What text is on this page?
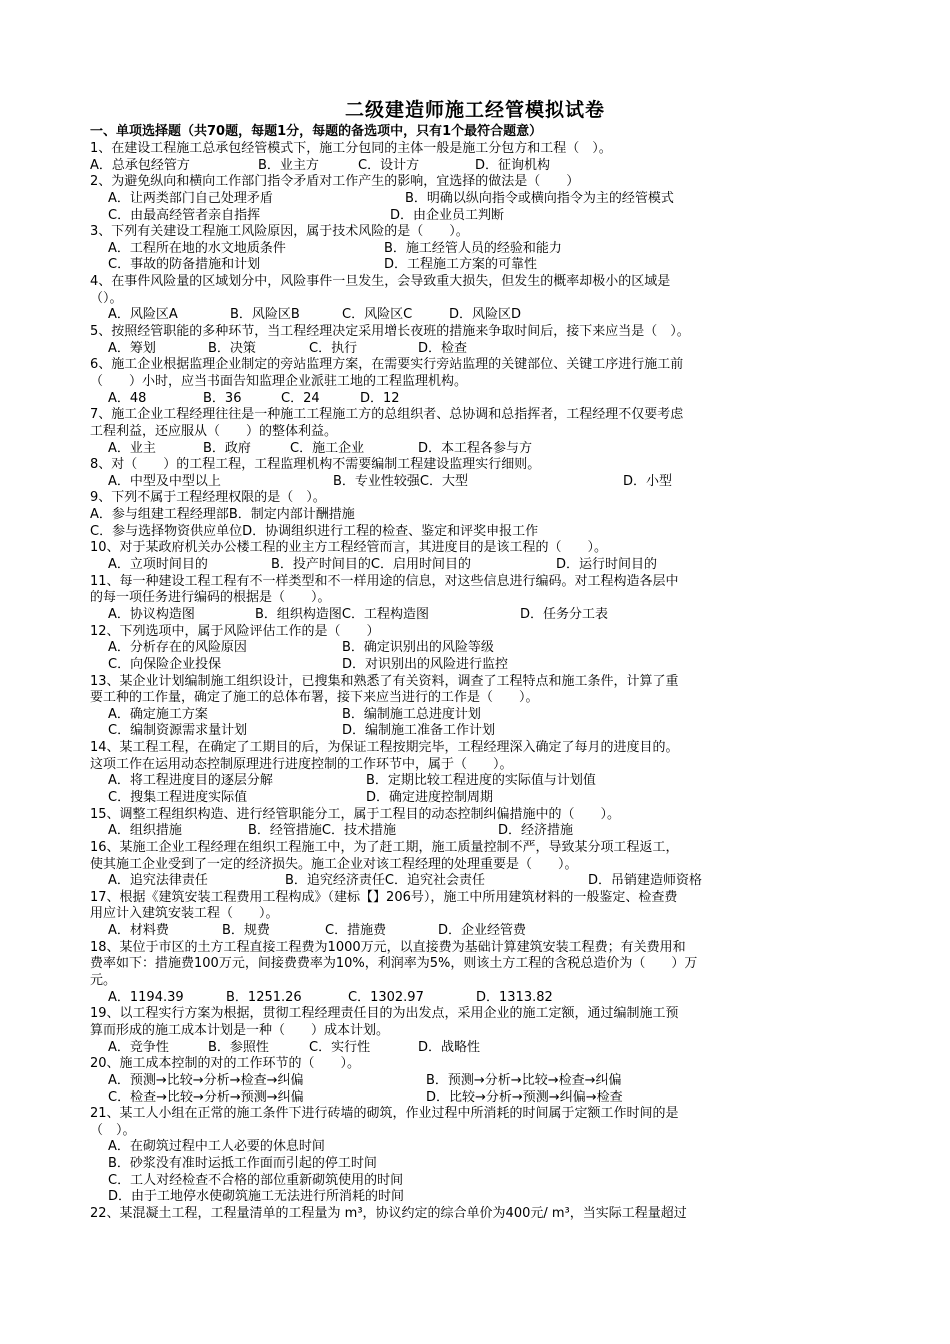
二级建造师施工经管模拟试卷
一、单项选择题（共70题，每题1分，每题的备选项中，只有1个最符合题意）
1、在建设工程施工总承包经管模式下，施工分包同的主体一般是施工分包方和工程（　）。
A．总承包经管方	B．业主方	C．设计方	D．征询机构
2、为避免纵向和横向工作部门指令矛盾对工作产生的影响，宜选择的做法是（　　）
A．让两类部门自己处理矛盾	B．明确以纵向指令或横向指令为主的经管模式
C．由最高经管者亲自指挥	D．由企业员工判断
3、下列有关建设工程施工风险原因，属于技术风险的是（　　）。
A．工程所在地的水文地质条件	B．施工经管人员的经验和能力
C．事故的防备措施和计划	D．工程施工方案的可靠性
4、在事件风险量的区域划分中，风险事件一旦发生，会导致重大损失，但发生的概率却极小的区域是
（）。
A．风险区A	B．风险区B	C．风险区C	D．风险区D
5、按照经管职能的多种环节，当工程经理决定采用增长夜班的措施来争取时间后，接下来应当是（　）。
A．筹划	B．决策	C．执行	D．检查
6、施工企业根据监理企业制定的旁站监理方案，在需要实行旁站监理的关键部位、关键工序进行施工前
（　　）小时，应当书面告知监理企业派驻工地的工程监理机构。
A．48	B．36	C．24	D．12
7、施工企业工程经理往往是一种施工工程施工方的总组织者、总协调和总指挥者，工程经理不仅要考虑
工程利益，还应服从（　　）的整体利益。
A．业主	B．政府	C．施工企业	D．本工程各参与方
8、对（　　）的工程工程，工程监理机构不需要编制工程建设监理实行细则。
A．中型及中型以上	B．专业性较强C．大型	D．小型
9、下列不属于工程经理权限的是（　）。
A．参与组建工程经理部B．制定内部计酬措施
C．参与选择物资供应单位D．协调组织进行工程的检查、鉴定和评奖申报工作
10、对于某政府机关办公楼工程的业主方工程经管而言，其进度目的是该工程的（　　）。
A．立项时间目的	B．投产时间目的C．启用时间目的	D．运行时间目的
11、每一种建设工程工程有不一样类型和不一样用途的信息，对这些信息进行编码。对工程构造各层中
的每一项任务进行编码的根据是（　　）。
A．协议构造图	B．组织构造图C．工程构造图	D．任务分工表
12、下列选项中，属于风险评估工作的是（　　）
A．分析存在的风险原因	B．确定识别出的风险等级
C．向保险企业投保	D．对识别出的风险进行监控
13、某企业计划编制施工组织设计，已搜集和熟悉了有关资料，调查了工程特点和施工条件，计算了重
要工种的工作量，确定了施工的总体布署，接下来应当进行的工作是（　　）。
A．确定施工方案	B．编制施工总进度计划
C．编制资源需求量计划	D．编制施工准备工作计划
14、某工程工程，在确定了工期目的后，为保证工程按期完毕，工程经理深入确定了每月的进度目的。
这项工作在运用动态控制原理进行进度控制的工作环节中，属于（　　）。
A．将工程进度目的逐层分解	B．定期比较工程进度的实际值与计划值
C．搜集工程进度实际值	D．确定进度控制周期
15、调整工程组织构造、进行经管职能分工，属于工程目的动态控制纠偏措施中的（　　）。
A．组织措施	B．经管措施C．技术措施	D．经济措施
16、某施工企业工程经理在组织工程施工中，为了赶工期，施工质量控制不严，导致某分项工程返工，
使其施工企业受到了一定的经济损失。施工企业对该工程经理的处理重要是（　　）。
A．追究法律责任	B．追究经济责任C．追究社会责任	D．吊销建造师资格
17、根据《建筑安装工程费用工程构成》（建标【】206号），施工中所用建筑材料的一般鉴定、检查费
用应计入建筑安装工程（　　）。
A．材料费	B．规费	C．措施费	D．企业经管费
18、某位于市区的土方工程直接工程费为1000万元，以直接费为基础计算建筑安装工程费；有关费用和
费率如下：措施费100万元，间接费费率为10%，利润率为5%，则该土方工程的含税总造价为（　　）万
元。
A．1194.39	B．1251.26	C．1302.97	D．1313.82
19、以工程实行方案为根据，贯彻工程经理责任目的为出发点，采用企业的施工定额，通过编制施工预
算而形成的施工成本计划是一种（　　）成本计划。
A．竞争性	B．参照性	C．实行性	D．战略性
20、施工成本控制的对的工作环节的（　　）。
A．预测→比较→分析→检查→纠偏	B．预测→分析→比较→检查→纠偏
C．检查→比较→分析→预测→纠偏	D．比较→分析→预测→纠偏→检查
21、某工人小组在正常的施工条件下进行砖墙的砌筑，作业过程中所消耗的时间属于定额工作时间的是
（　）。
A．在砌筑过程中工人必要的休息时间
B．砂浆没有准时运抵工作面而引起的停工时间
C．工人对经检查不合格的部位重新砌筑使用的时间
D．由于工地停水使砌筑施工无法进行所消耗的时间
22、某混凝土工程，工程量清单的工程量为 m³，协议约定的综合单价为400元/ m³，当实际工程量超过
